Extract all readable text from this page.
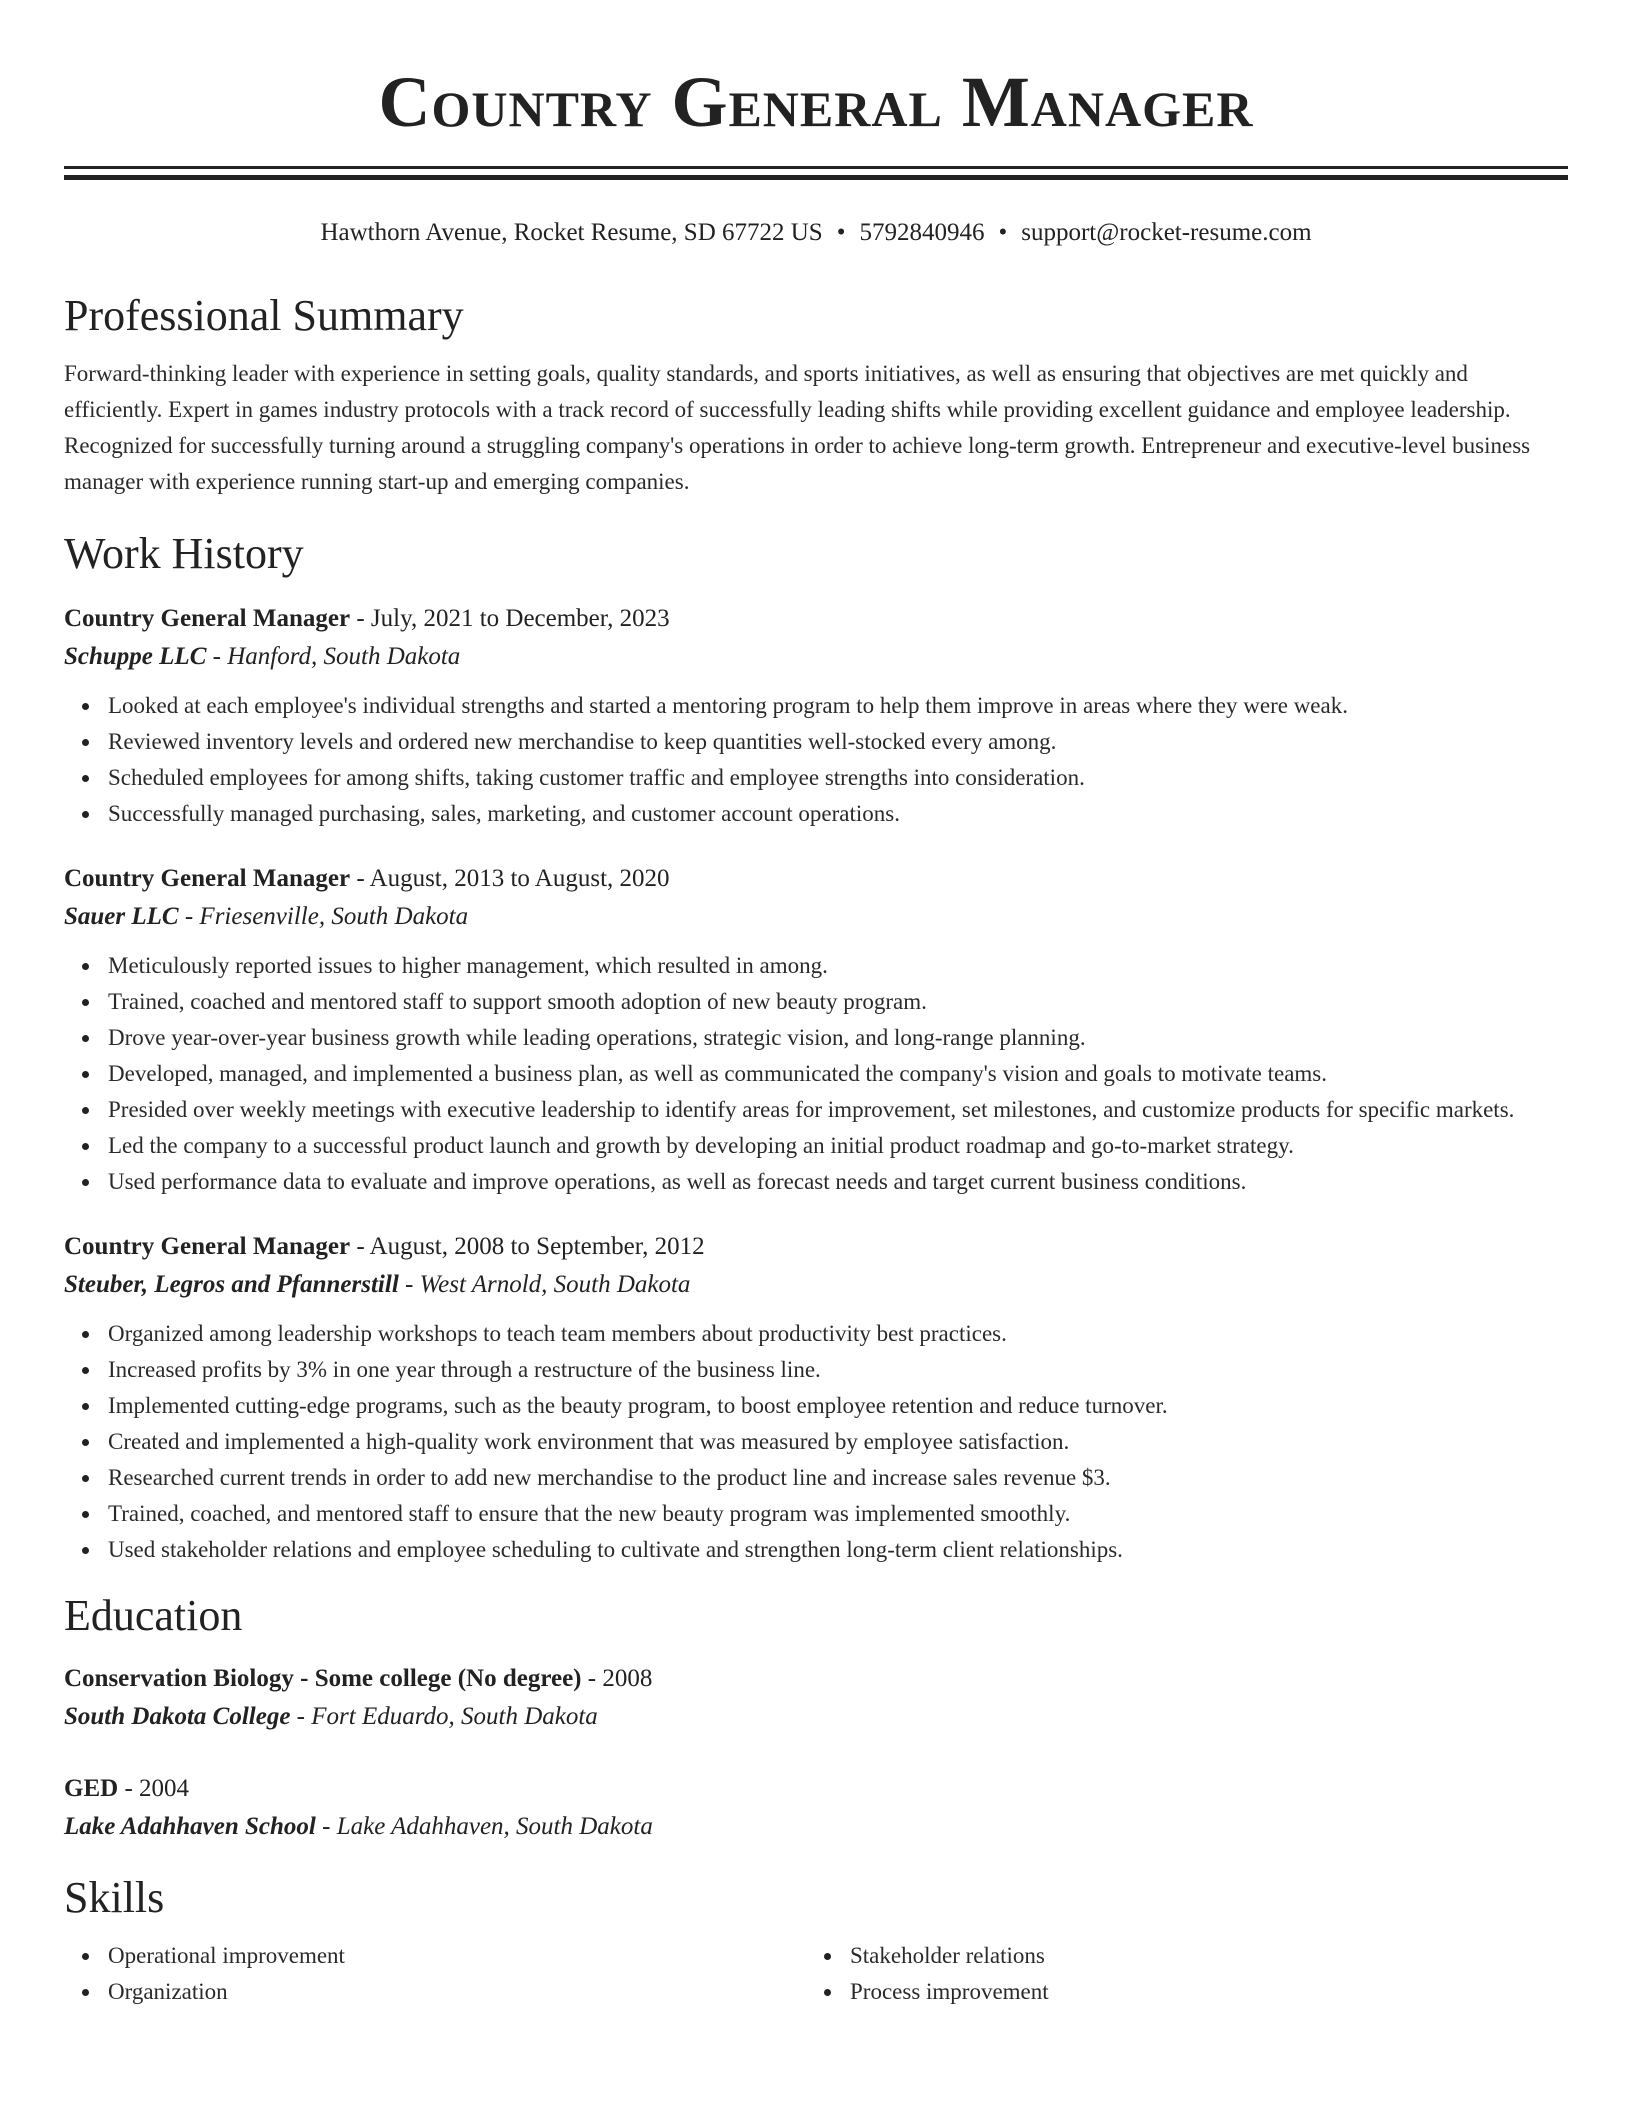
Country General Manager
Hawthorn Avenue, Rocket Resume, SD 67722 US • 5792840946 • support@rocket-resume.com
Professional Summary
Forward-thinking leader with experience in setting goals, quality standards, and sports initiatives, as well as ensuring that objectives are met quickly and efficiently. Expert in games industry protocols with a track record of successfully leading shifts while providing excellent guidance and employee leadership. Recognized for successfully turning around a struggling company's operations in order to achieve long-term growth. Entrepreneur and executive-level business manager with experience running start-up and emerging companies.
Work History
Country General Manager - July, 2021 to December, 2023
Schuppe LLC - Hanford, South Dakota
Looked at each employee's individual strengths and started a mentoring program to help them improve in areas where they were weak.
Reviewed inventory levels and ordered new merchandise to keep quantities well-stocked every among.
Scheduled employees for among shifts, taking customer traffic and employee strengths into consideration.
Successfully managed purchasing, sales, marketing, and customer account operations.
Country General Manager - August, 2013 to August, 2020
Sauer LLC - Friesenville, South Dakota
Meticulously reported issues to higher management, which resulted in among.
Trained, coached and mentored staff to support smooth adoption of new beauty program.
Drove year-over-year business growth while leading operations, strategic vision, and long-range planning.
Developed, managed, and implemented a business plan, as well as communicated the company's vision and goals to motivate teams.
Presided over weekly meetings with executive leadership to identify areas for improvement, set milestones, and customize products for specific markets.
Led the company to a successful product launch and growth by developing an initial product roadmap and go-to-market strategy.
Used performance data to evaluate and improve operations, as well as forecast needs and target current business conditions.
Country General Manager - August, 2008 to September, 2012
Steuber, Legros and Pfannerstill - West Arnold, South Dakota
Organized among leadership workshops to teach team members about productivity best practices.
Increased profits by 3% in one year through a restructure of the business line.
Implemented cutting-edge programs, such as the beauty program, to boost employee retention and reduce turnover.
Created and implemented a high-quality work environment that was measured by employee satisfaction.
Researched current trends in order to add new merchandise to the product line and increase sales revenue $3.
Trained, coached, and mentored staff to ensure that the new beauty program was implemented smoothly.
Used stakeholder relations and employee scheduling to cultivate and strengthen long-term client relationships.
Education
Conservation Biology - Some college (No degree) - 2008
South Dakota College - Fort Eduardo, South Dakota
GED - 2004
Lake Adahhaven School - Lake Adahhaven, South Dakota
Skills
Operational improvement
Organization
Stakeholder relations
Process improvement
